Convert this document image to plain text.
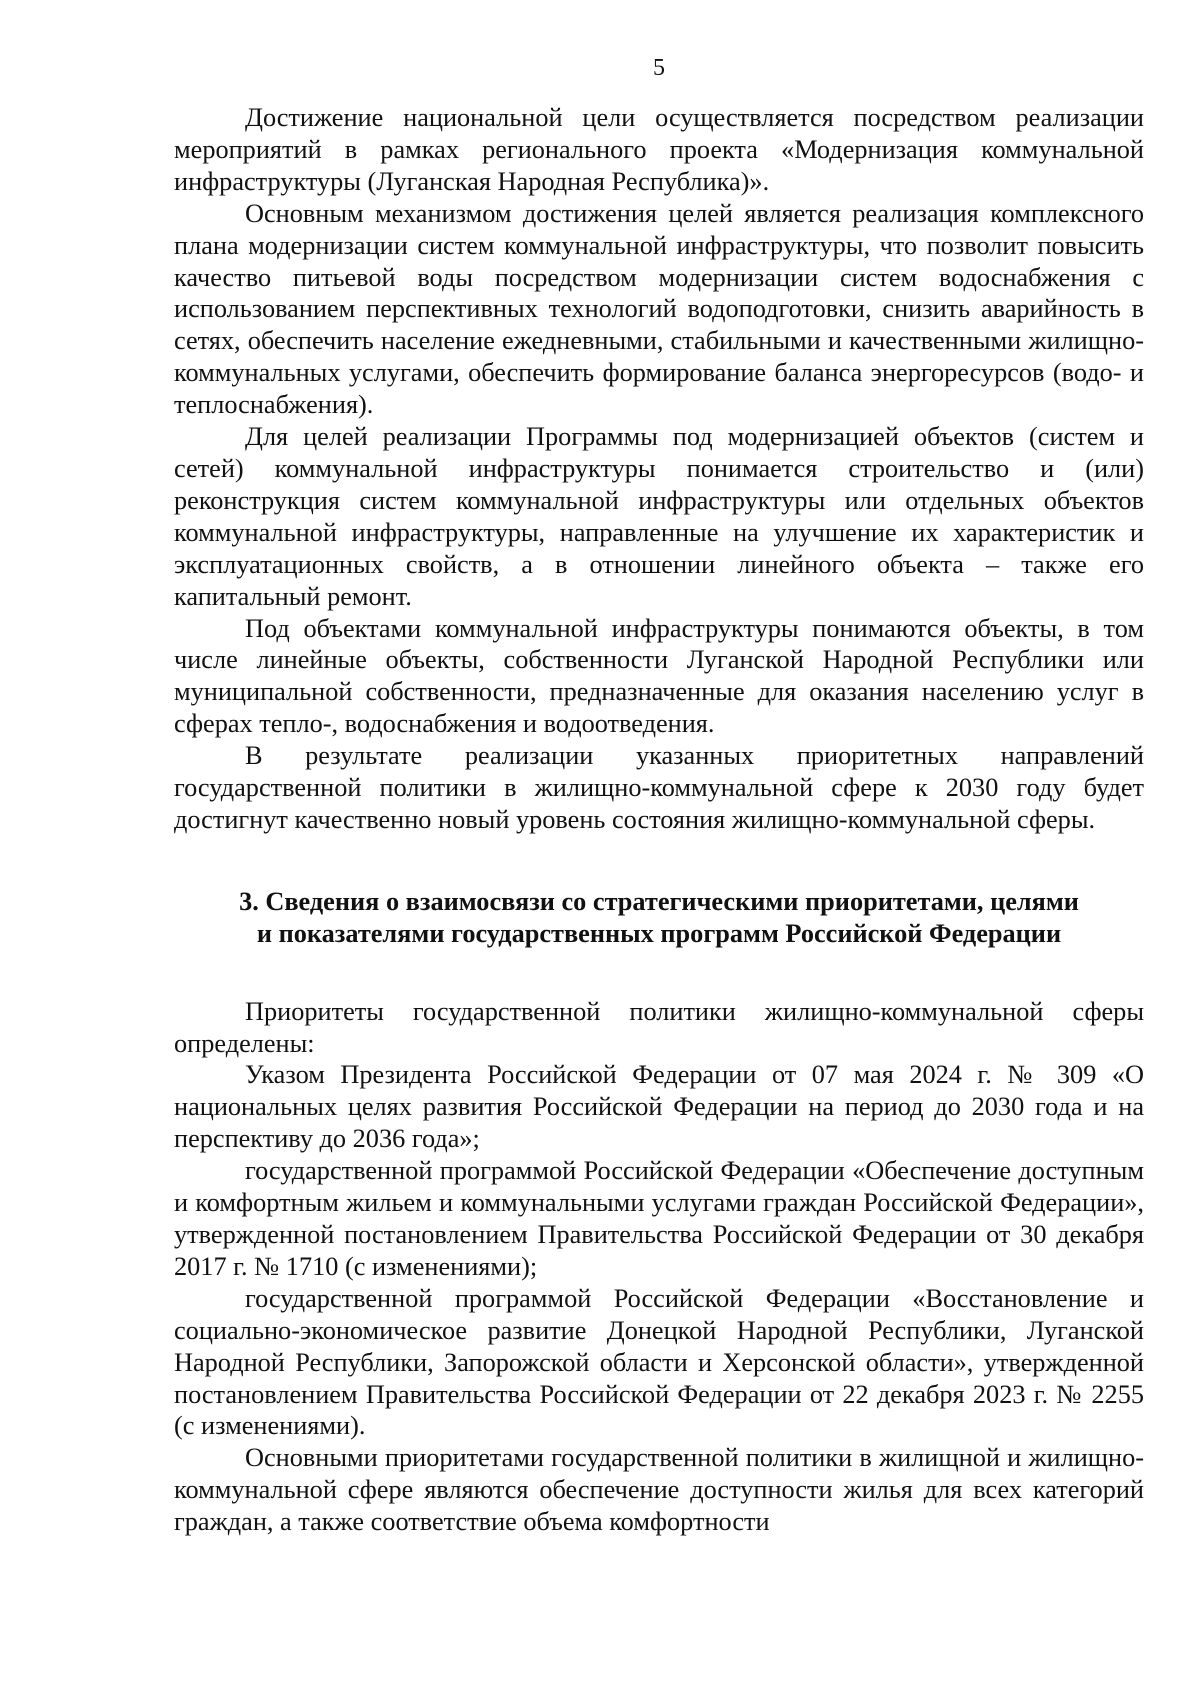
5

Достижение национальной цели осуществляется посредством реализации мероприятий в рамках регионального проекта «Модернизация коммунальной инфраструктуры (Луганская Народная Республика)».

Основным механизмом достижения целей является реализация комплексного плана модернизации систем коммунальной инфраструктуры, что позволит повысить качество питьевой воды посредством модернизации систем водоснабжения с использованием перспективных технологий водоподготовки, снизить аварийность в сетях, обеспечить население ежедневными, стабильными и качественными жилищно-коммунальных услугами, обеспечить формирование баланса энергоресурсов (водо- и теплоснабжения).

Для целей реализации Программы под модернизацией объектов (систем и сетей) коммунальной инфраструктуры понимается строительство и (или) реконструкция систем коммунальной инфраструктуры или отдельных объектов коммунальной инфраструктуры, направленные на улучшение их характеристик и эксплуатационных свойств, а в отношении линейного объекта – также его капитальный ремонт.

Под объектами коммунальной инфраструктуры понимаются объекты, в том числе линейные объекты, собственности Луганской Народной Республики или муниципальной собственности, предназначенные для оказания населению услуг в сферах тепло-, водоснабжения и водоотведения.

В результате реализации указанных приоритетных направлений государственной политики в жилищно-коммунальной сфере к 2030 году будет достигнут качественно новый уровень состояния жилищно-коммунальной сферы.

3. Сведения о взаимосвязи со стратегическими приоритетами, целями
и показателями государственных программ Российской Федерации

Приоритеты государственной политики жилищно-коммунальной сферы определены:

Указом Президента Российской Федерации от 07 мая 2024 г. № 309 «О национальных целях развития Российской Федерации на период до 2030 года и на перспективу до 2036 года»;

государственной программой Российской Федерации «Обеспечение доступным и комфортным жильем и коммунальными услугами граждан Российской Федерации», утвержденной постановлением Правительства Российской Федерации от 30 декабря 2017 г. № 1710 (с изменениями);

государственной программой Российской Федерации «Восстановление и социально-экономическое развитие Донецкой Народной Республики, Луганской Народной Республики, Запорожской области и Херсонской области», утвержденной постановлением Правительства Российской Федерации от 22 декабря 2023 г. № 2255 (с изменениями).

Основными приоритетами государственной политики в жилищной и жилищно-коммунальной сфере являются обеспечение доступности жилья для всех категорий граждан, а также соответствие объема комфортности
